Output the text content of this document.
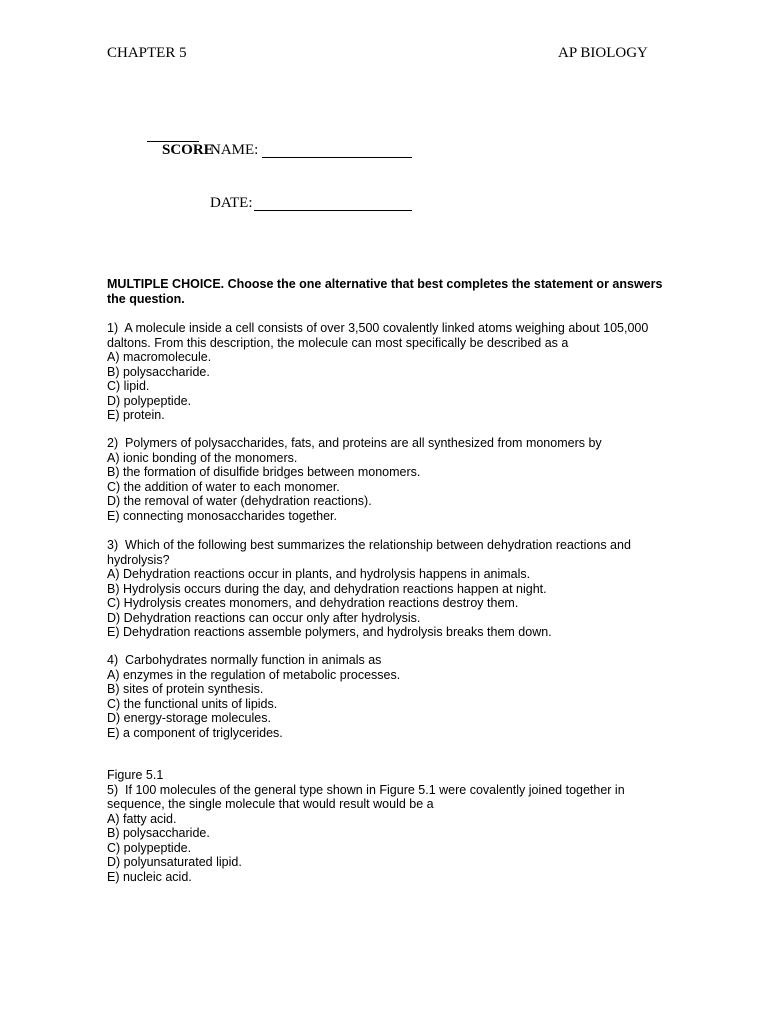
CHAPTER 5	AP BIOLOGY
SCORE
NAME:
DATE:
MULTIPLE CHOICE. Choose the one alternative that best completes the statement or answers the question.
1)  A molecule inside a cell consists of over 3,500 covalently linked atoms weighing about 105,000 daltons. From this description, the molecule can most specifically be described as a
A) macromolecule.
B) polysaccharide.
C) lipid.
D) polypeptide.
E) protein.
2)  Polymers of polysaccharides, fats, and proteins are all synthesized from monomers by
A) ionic bonding of the monomers.
B) the formation of disulfide bridges between monomers.
C) the addition of water to each monomer.
D) the removal of water (dehydration reactions).
E) connecting monosaccharides together.
3)  Which of the following best summarizes the relationship between dehydration reactions and hydrolysis?
A) Dehydration reactions occur in plants, and hydrolysis happens in animals.
B) Hydrolysis occurs during the day, and dehydration reactions happen at night.
C) Hydrolysis creates monomers, and dehydration reactions destroy them.
D) Dehydration reactions can occur only after hydrolysis.
E) Dehydration reactions assemble polymers, and hydrolysis breaks them down.
4)  Carbohydrates normally function in animals as
A) enzymes in the regulation of metabolic processes.
B) sites of protein synthesis.
C) the functional units of lipids.
D) energy-storage molecules.
E) a component of triglycerides.
Figure 5.1
5)  If 100 molecules of the general type shown in Figure 5.1 were covalently joined together in sequence, the single molecule that would result would be a
A) fatty acid.
B) polysaccharide.
C) polypeptide.
D) polyunsaturated lipid.
E) nucleic acid.
